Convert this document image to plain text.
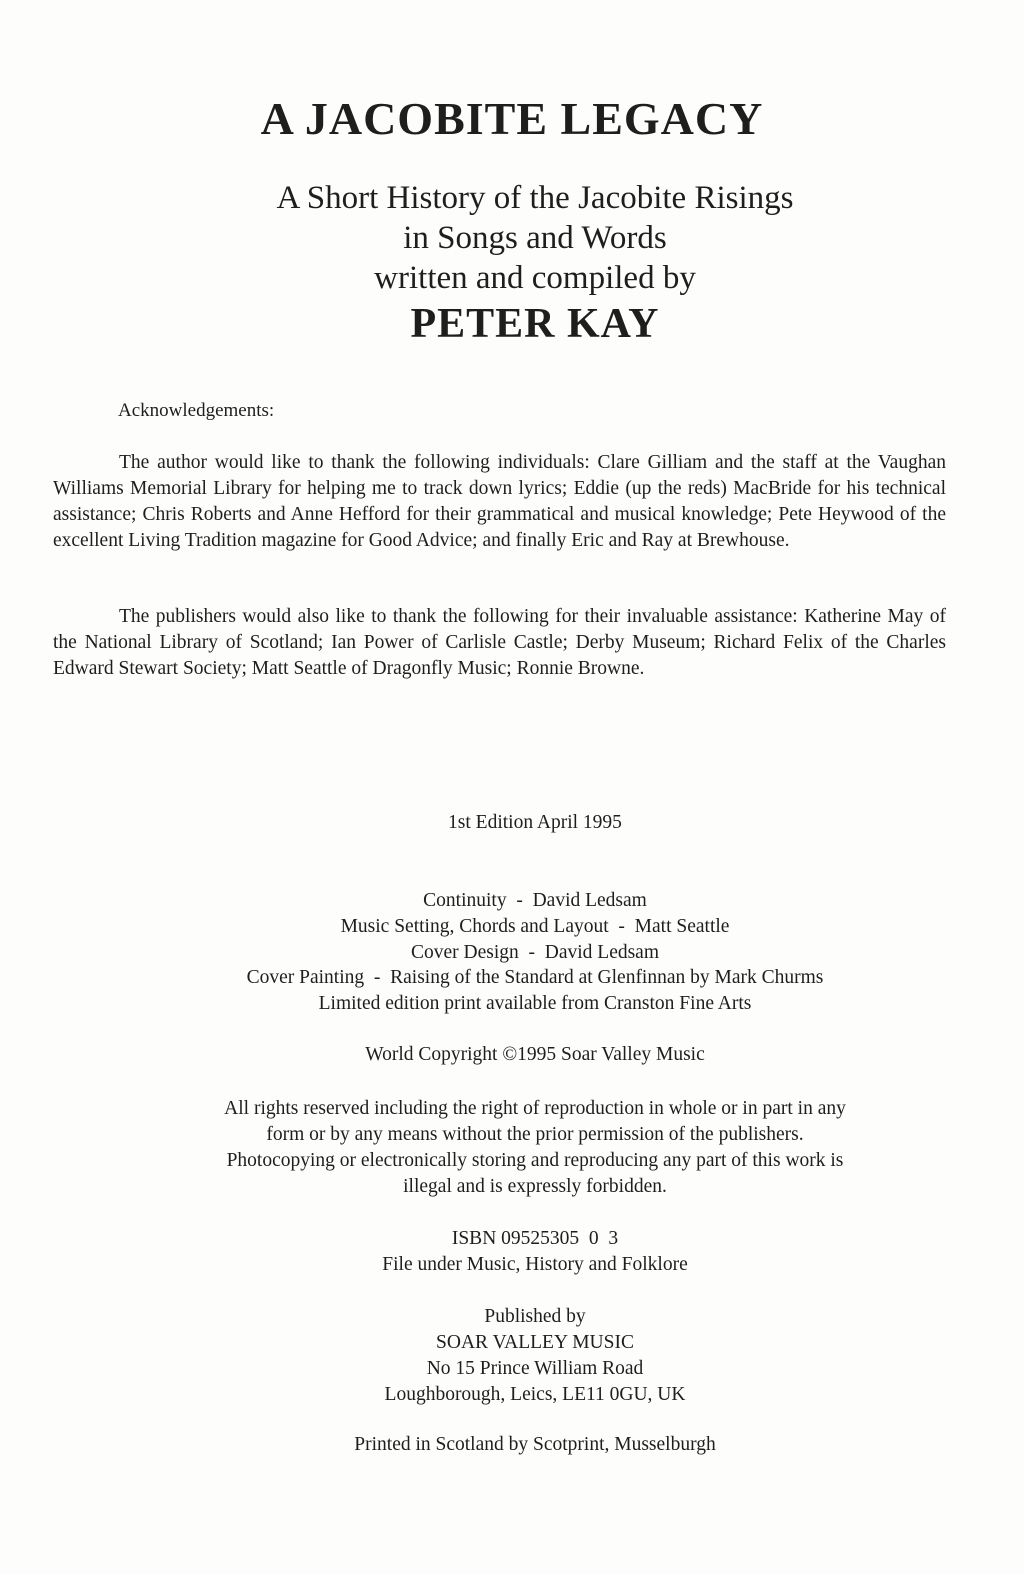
A JACOBITE LEGACY
A Short History of the Jacobite Risings
in Songs and Words
written and compiled by
PETER KAY
Acknowledgements:
The author would like to thank the following individuals: Clare Gilliam and the staff at the Vaughan Williams Memorial Library for helping me to track down lyrics; Eddie (up the reds) MacBride for his technical assistance; Chris Roberts and Anne Hefford for their grammatical and musical knowledge; Pete Heywood of the excellent Living Tradition magazine for Good Advice; and finally Eric and Ray at Brewhouse.
The publishers would also like to thank the following for their invaluable assistance: Katherine May of the National Library of Scotland; Ian Power of Carlisle Castle; Derby Museum; Richard Felix of the Charles Edward Stewart Society; Matt Seattle of Dragonfly Music; Ronnie Browne.
1st Edition April 1995
Continuity  -  David Ledsam
Music Setting, Chords and Layout  -  Matt Seattle
Cover Design  -  David Ledsam
Cover Painting  -  Raising of the Standard at Glenfinnan by Mark Churms
Limited edition print available from Cranston Fine Arts
World Copyright ©1995 Soar Valley Music
All rights reserved including the right of reproduction in whole or in part in any
form or by any means without the prior permission of the publishers.
Photocopying or electronically storing and reproducing any part of this work is
illegal and is expressly forbidden.
ISBN 09525305  0  3
File under Music, History and Folklore
Published by
SOAR VALLEY MUSIC
No 15 Prince William Road
Loughborough, Leics, LE11 0GU, UK
Printed in Scotland by Scotprint, Musselburgh
